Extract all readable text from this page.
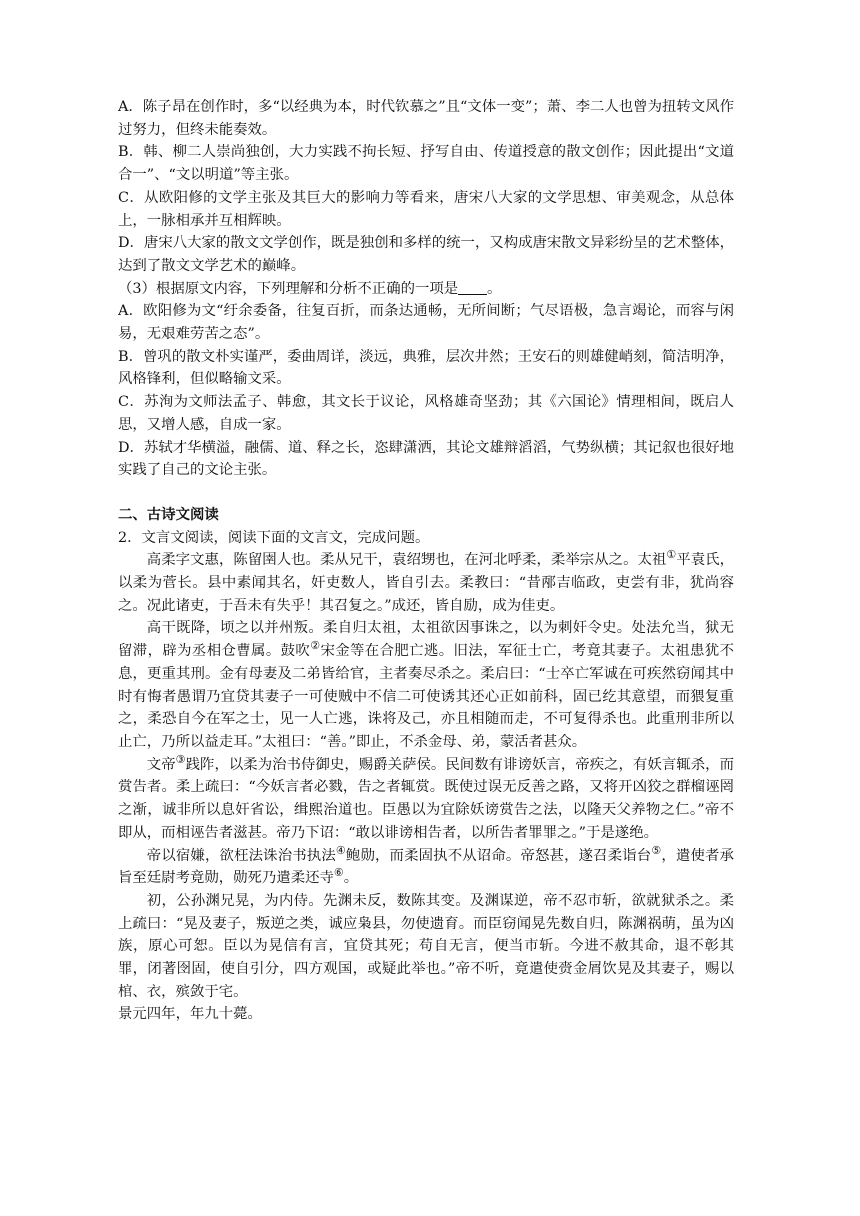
A．陈子昂在创作时，多“以经典为本，时代钦慕之”且“文体一变”；萧、李二人也曾为扭转文风作过努力，但终未能奏效。

B．韩、柳二人崇尚独创，大力实践不拘长短、抒写自由、传道授意的散文创作；因此提出“文道合一”、“文以明道”等主张。

C．从欧阳修的文学主张及其巨大的影响力等看来，唐宋八大家的文学思想、审美观念，从总体上，一脉相承并互相辉映。

D．唐宋八大家的散文文学创作，既是独创和多样的统一，又构成唐宋散文异彩纷呈的艺术整体，达到了散文文学艺术的巅峰。

（3）根据原文内容，下列理解和分析不正确的一项是 。

A．欧阳修为文“纡余委备，往复百折，而条达通畅，无所间断；气尽语极，急言竭论，而容与闲易，无艰难劳苦之态”。

B．曾巩的散文朴实谨严，委曲周详，淡远，典雅，层次井然；王安石的则雄健峭刻，简洁明净，风格锋利，但似略输文采。

C．苏洵为文师法孟子、韩愈，其文长于议论，风格雄奇坚劲；其《六国论》情理相间，既启人思，又增人感，自成一家。

D．苏轼才华横溢，融儒、道、释之长，恣肆潇洒，其论文雄辩滔滔，气势纵横；其记叙也很好地实践了自己的文论主张。

二、古诗文阅读

2．文言文阅读，阅读下面的文言文，完成问题。

高柔字文惠，陈留圉人也。柔从兄干，袁绍甥也，在河北呼柔，柔举宗从之。太祖①平袁氏，以柔为菅长。县中素闻其名，奸吏数人，皆自引去。柔教曰：“昔邴吉临政，吏尝有非，犹尚容之。况此诸吏，于吾未有失乎！其召复之。”成还，皆自励，成为佳吏。

高干既降，顷之以并州叛。柔自归太祖，太祖欲因事诛之，以为刺奸令史。处法允当，狱无留滞，辟为丞相仓曹属。鼓吹②宋金等在合肥亡逃。旧法，军征士亡，考竟其妻子。太祖患犹不息，更重其刑。金有母妻及二弟皆给官，主者奏尽杀之。柔启曰：“士卒亡军诚在可疾然窃闻其中时有悔者愚谓乃宜贷其妻子一可使贼中不信二可使诱其还心正如前科，固已纥其意望，而猥复重之，柔恐自今在军之士，见一人亡逃，诛将及己，亦且相随而走，不可复得杀也。此重刑非所以止亡，乃所以益走耳。”太祖曰：“善。”即止，不杀金母、弟，蒙活者甚众。

文帝③践阼，以柔为治书侍御史，赐爵关萨侯。民间数有诽谤妖言，帝疾之，有妖言辄杀，而赏告者。柔上疏曰：“今妖言者必戮，告之者辄赏。既使过误无反善之路，又将开凶狡之群榴诬罔之渐，诚非所以息奸省讼，缉熙治道也。臣愚以为宜除妖谤赏告之法，以隆天父养物之仁。”帝不即从，而相诬告者滋甚。帝乃下诏：“敢以诽谤相告者，以所告者罪罪之。”于是遂绝。

帝以宿嫌，欲枉法诛治书执法④鲍勋，而柔固执不从诏命。帝怒甚，遂召柔诣台⑤，遣使者承旨至廷尉考竟勋，勋死乃遣柔还寺⑥。

初，公孙渊兄晃，为内侍。先渊未反，数陈其变。及渊谋逆，帝不忍市斩，欲就狱杀之。柔上疏曰：“晃及妻子，叛逆之类，诚应枭县，勿使遗育。而臣窃闻晃先数自归，陈渊祸萌，虽为凶族，原心可恕。臣以为晃信有言，宜贷其死；苟自无言，便当市斩。今进不赦其命，退不彰其罪，闭著囹固，使自引分，四方观国，或疑此举也。”帝不听，竟遣使赍金屑饮晃及其妻子，赐以棺、衣，殡敛于宅。

景元四年，年九十薨。
